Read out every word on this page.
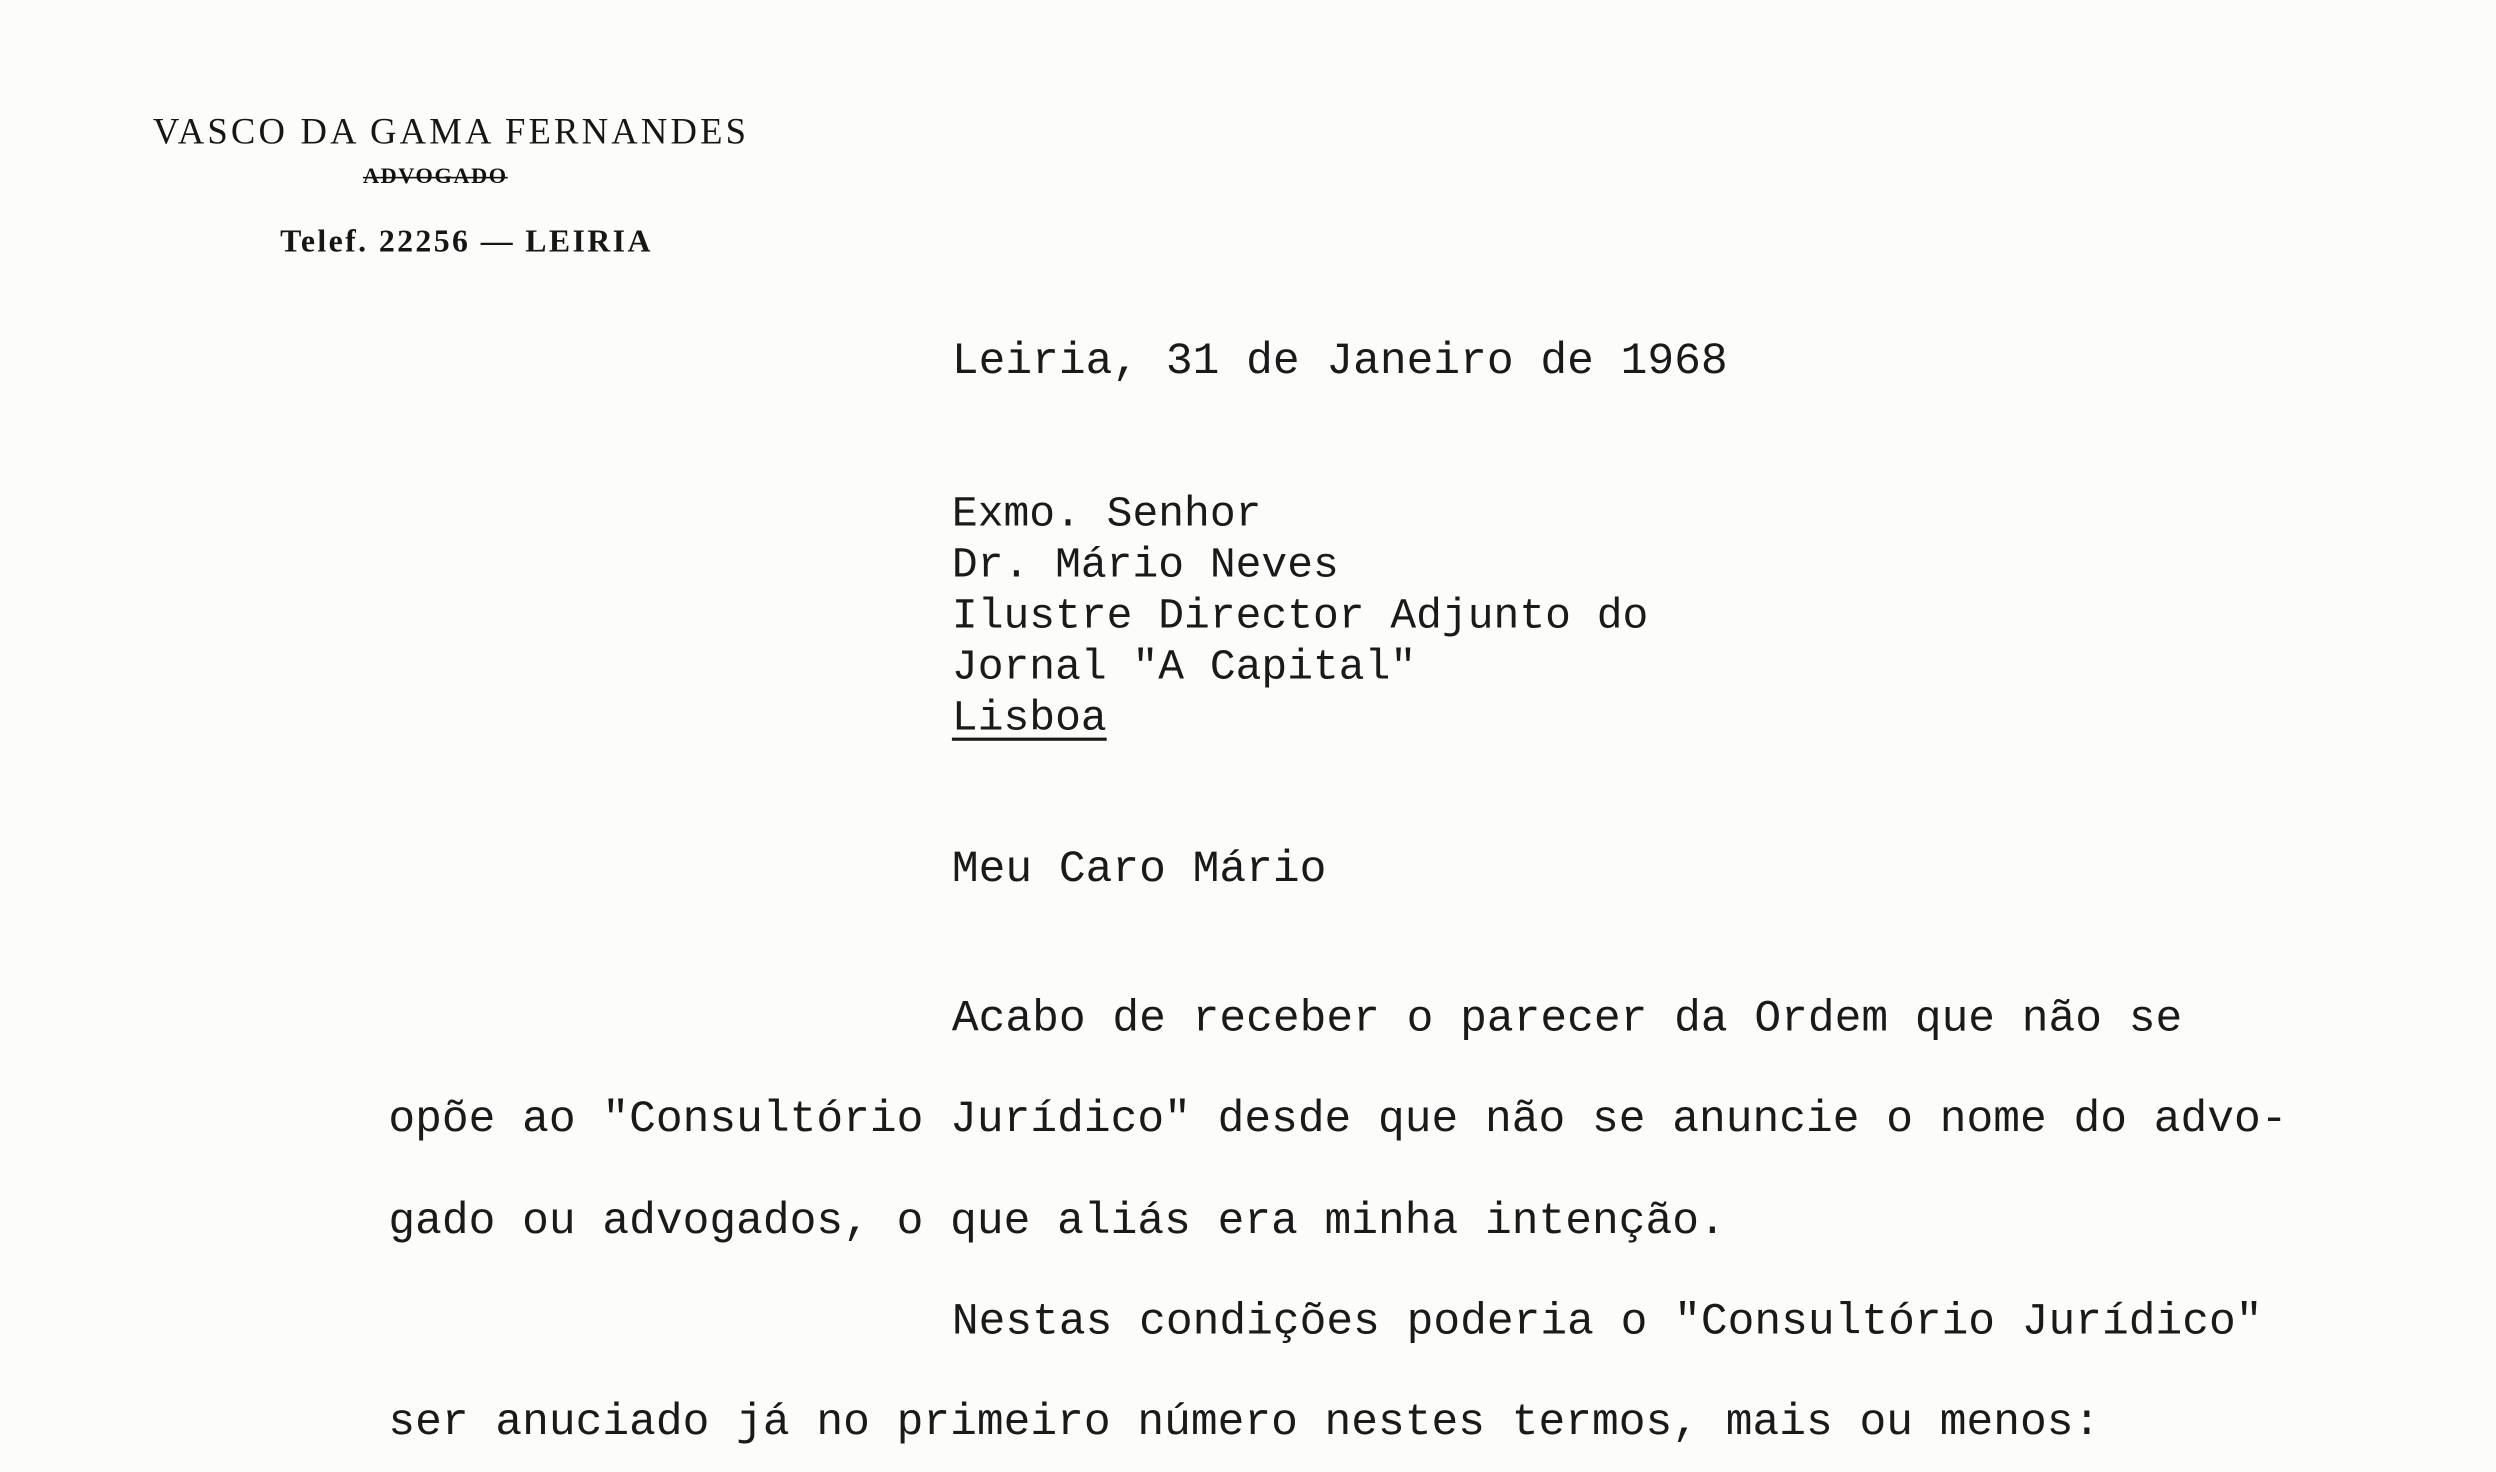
VASCO DA GAMA FERNANDES
ADVOGADO
Telef. 22256 — LEIRIA
Leiria, 31 de Janeiro de 1968
Exmo. Senhor
Dr. Mário Neves
Ilustre Director Adjunto do
Jornal "A Capital"
Lisboa
Meu Caro Mário
Acabo de receber o parecer da Ordem que não se
opõe ao "Consultório Jurídico" desde que não se anuncie o nome do advo-
gado ou advogados, o que aliás era minha intenção.
Nestas condições poderia o "Consultório Jurídico"
ser anuciado já no primeiro número nestes termos, mais ou menos:
